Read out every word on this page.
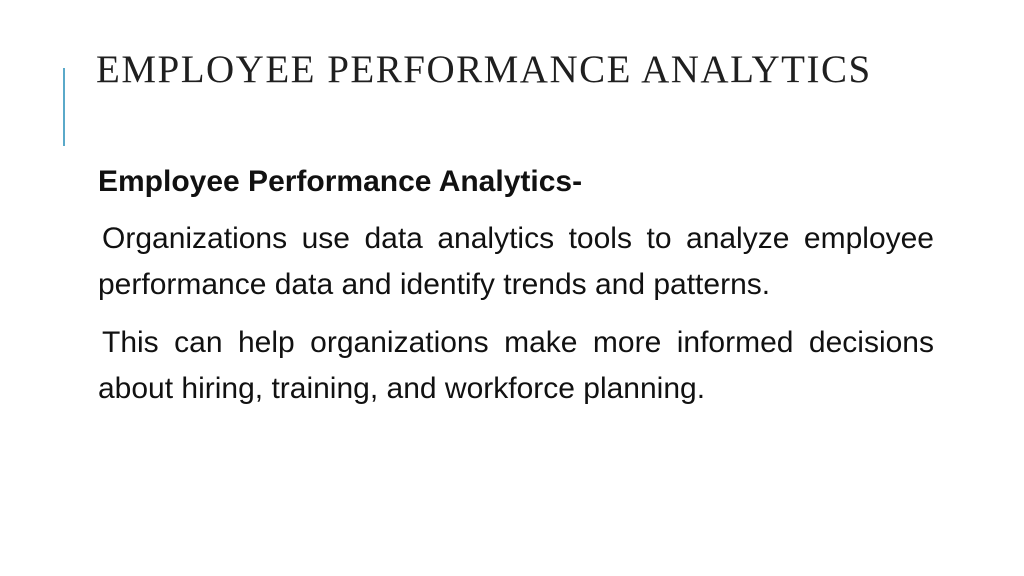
EMPLOYEE PERFORMANCE ANALYTICS

Employee Performance Analytics-

Organizations use data analytics tools to analyze employee performance data and identify trends and patterns.

This can help organizations make more informed decisions about hiring, training, and workforce planning.
